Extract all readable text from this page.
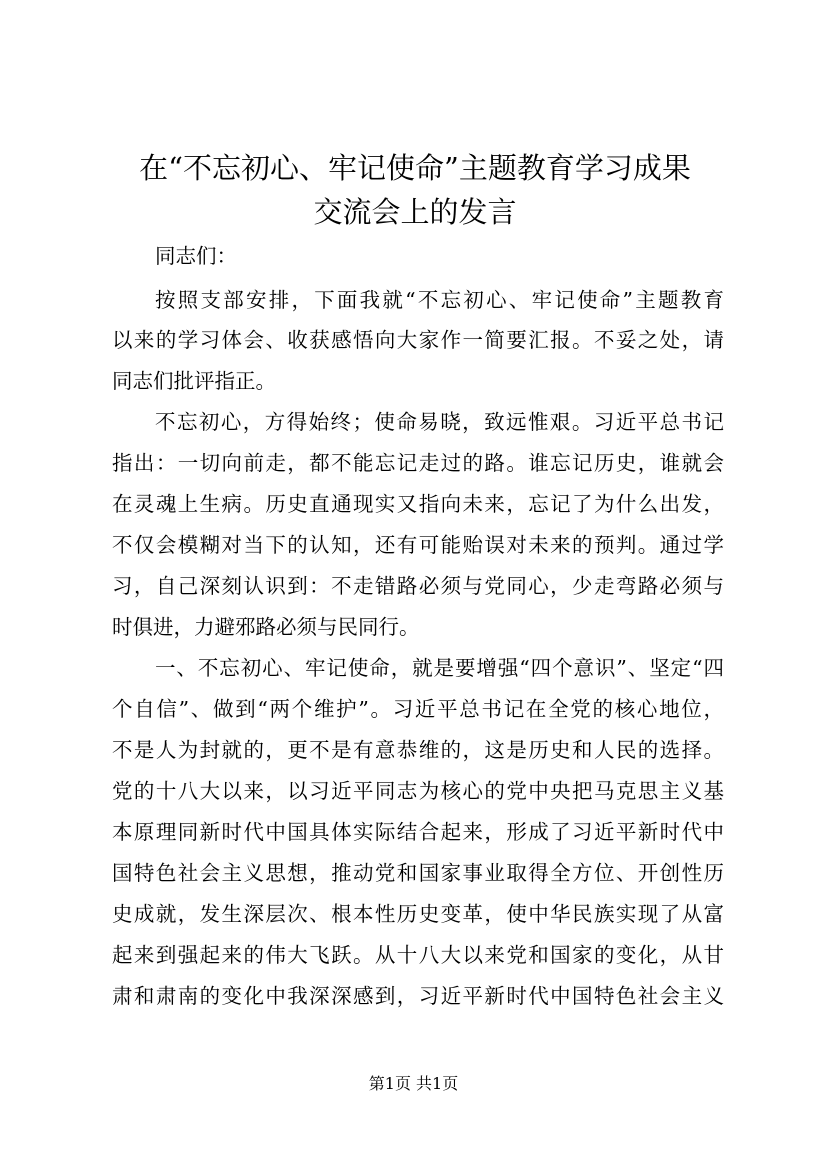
在“不忘初心、牢记使命”主题教育学习成果
交流会上的发言

同志们：

按照支部安排，下面我就“不忘初心、牢记使命”主题教育

以来的学习体会、收获感悟向大家作一简要汇报。不妥之处，请

同志们批评指正。

不忘初心，方得始终；使命易晓，致远惟艰。习近平总书记

指出：一切向前走，都不能忘记走过的路。谁忘记历史，谁就会

在灵魂上生病。历史直通现实又指向未来，忘记了为什么出发，

不仅会模糊对当下的认知，还有可能贻误对未来的预判。通过学

习，自己深刻认识到：不走错路必须与党同心，少走弯路必须与

时俱进，力避邪路必须与民同行。

一、不忘初心、牢记使命，就是要增强“四个意识”、坚定“四

个自信”、做到“两个维护”。习近平总书记在全党的核心地位，

不是人为封就的，更不是有意恭维的，这是历史和人民的选择。

党的十八大以来，以习近平同志为核心的党中央把马克思主义基

本原理同新时代中国具体实际结合起来，形成了习近平新时代中

国特色社会主义思想，推动党和国家事业取得全方位、开创性历

史成就，发生深层次、根本性历史变革，使中华民族实现了从富

起来到强起来的伟大飞跃。从十八大以来党和国家的变化，从甘

肃和肃南的变化中我深深感到，习近平新时代中国特色社会主义

第1页 共1页
